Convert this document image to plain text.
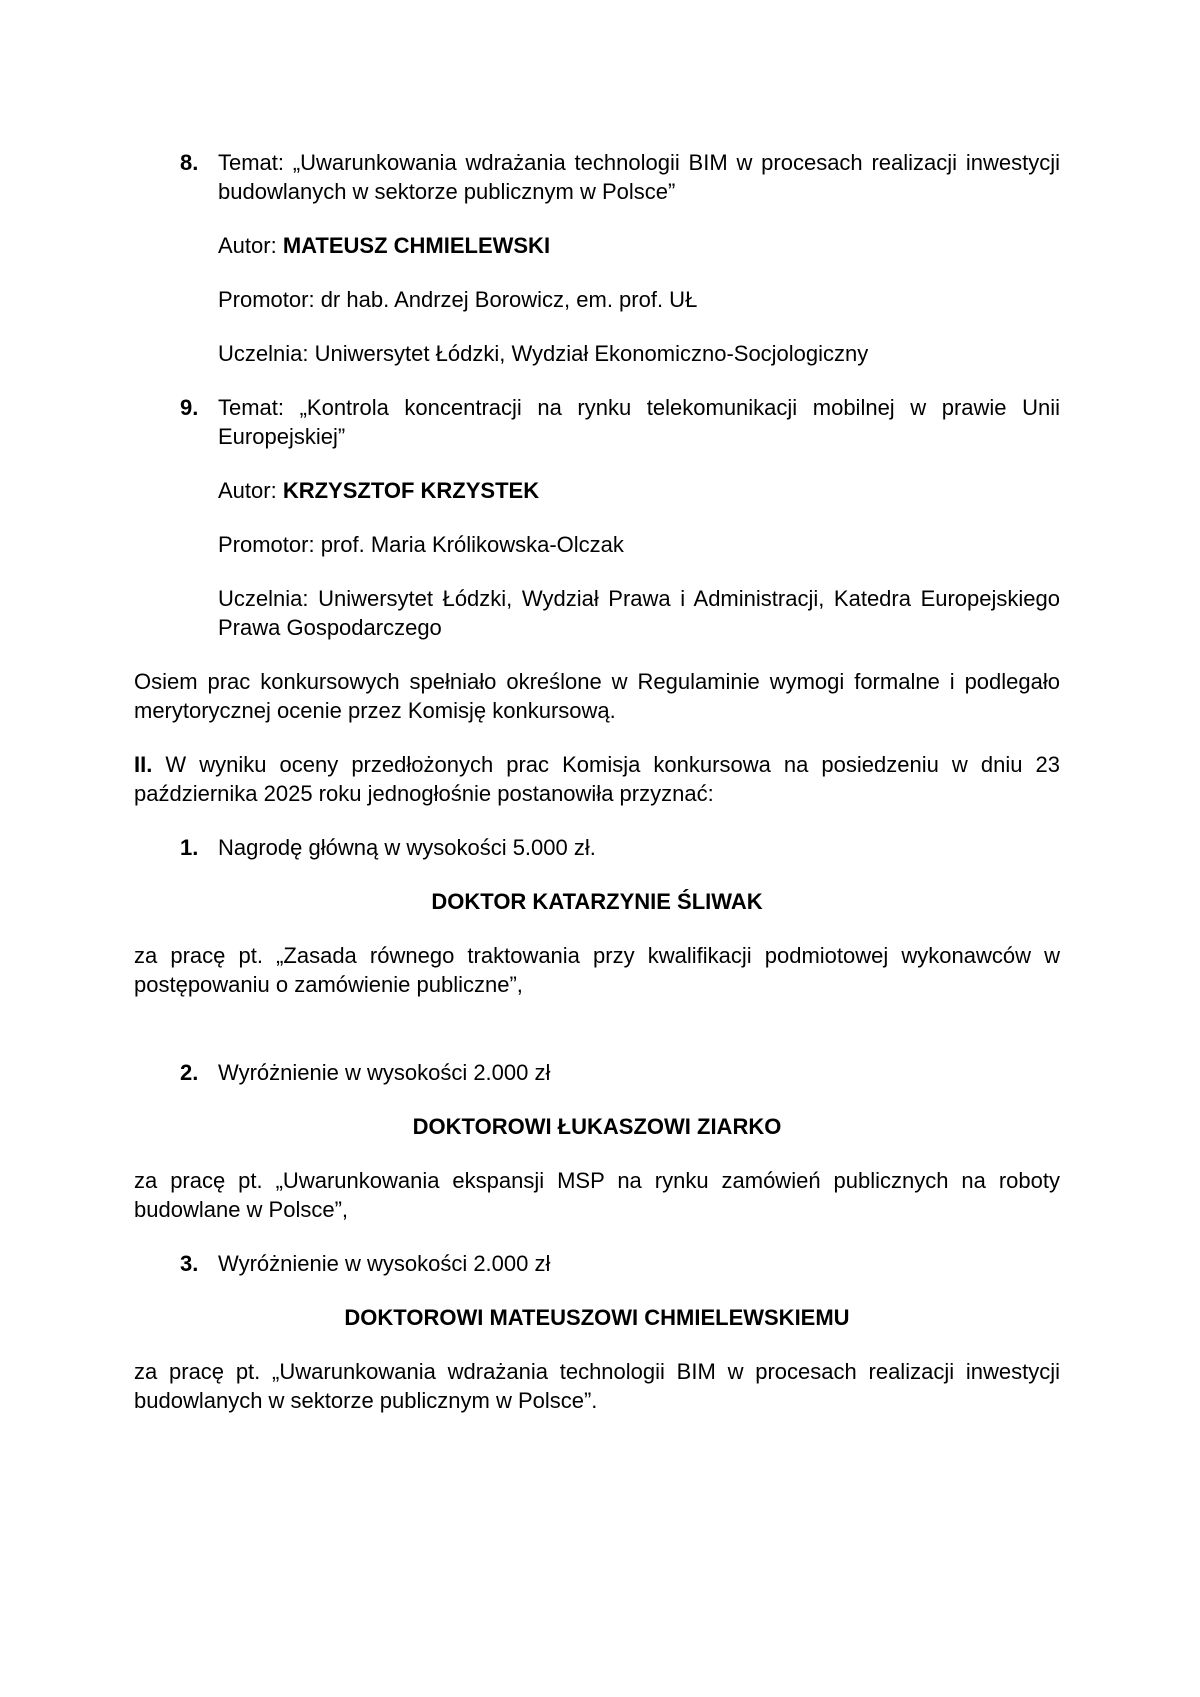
8. Temat: „Uwarunkowania wdrażania technologii BIM w procesach realizacji inwestycji budowlanych w sektorze publicznym w Polsce”
Autor: MATEUSZ CHMIELEWSKI
Promotor: dr hab. Andrzej Borowicz, em. prof. UŁ
Uczelnia: Uniwersytet Łódzki, Wydział Ekonomiczno-Socjologiczny
9. Temat: „Kontrola koncentracji na rynku telekomunikacji mobilnej w prawie Unii Europejskiej”
Autor: KRZYSZTOF KRZYSTEK
Promotor: prof. Maria Królikowska-Olczak
Uczelnia: Uniwersytet Łódzki, Wydział Prawa i Administracji, Katedra Europejskiego Prawa Gospodarczego
Osiem prac konkursowych spełniało określone w Regulaminie wymogi formalne i podlegało merytorycznej ocenie przez Komisję konkursową.
II. W wyniku oceny przedłożonych prac Komisja konkursowa na posiedzeniu w dniu 23 października 2025 roku jednogłośnie postanowiła przyznać:
1. Nagrodę główną w wysokości 5.000 zł.
DOKTOR KATARZYNIE ŚLIWAK
za pracę pt. „Zasada równego traktowania przy kwalifikacji podmiotowej wykonawców w postępowaniu o zamówienie publiczne”,
2. Wyróżnienie w wysokości 2.000 zł
DOKTOROWI ŁUKASZOWI ZIARKO
za pracę pt. „Uwarunkowania ekspansji MSP na rynku zamówień publicznych na roboty budowlane w Polsce”,
3. Wyróżnienie w wysokości 2.000 zł
DOKTOROWI MATEUSZOWI CHMIELEWSKIEMU
za pracę pt. „Uwarunkowania wdrażania technologii BIM w procesach realizacji inwestycji budowlanych w sektorze publicznym w Polsce”.
